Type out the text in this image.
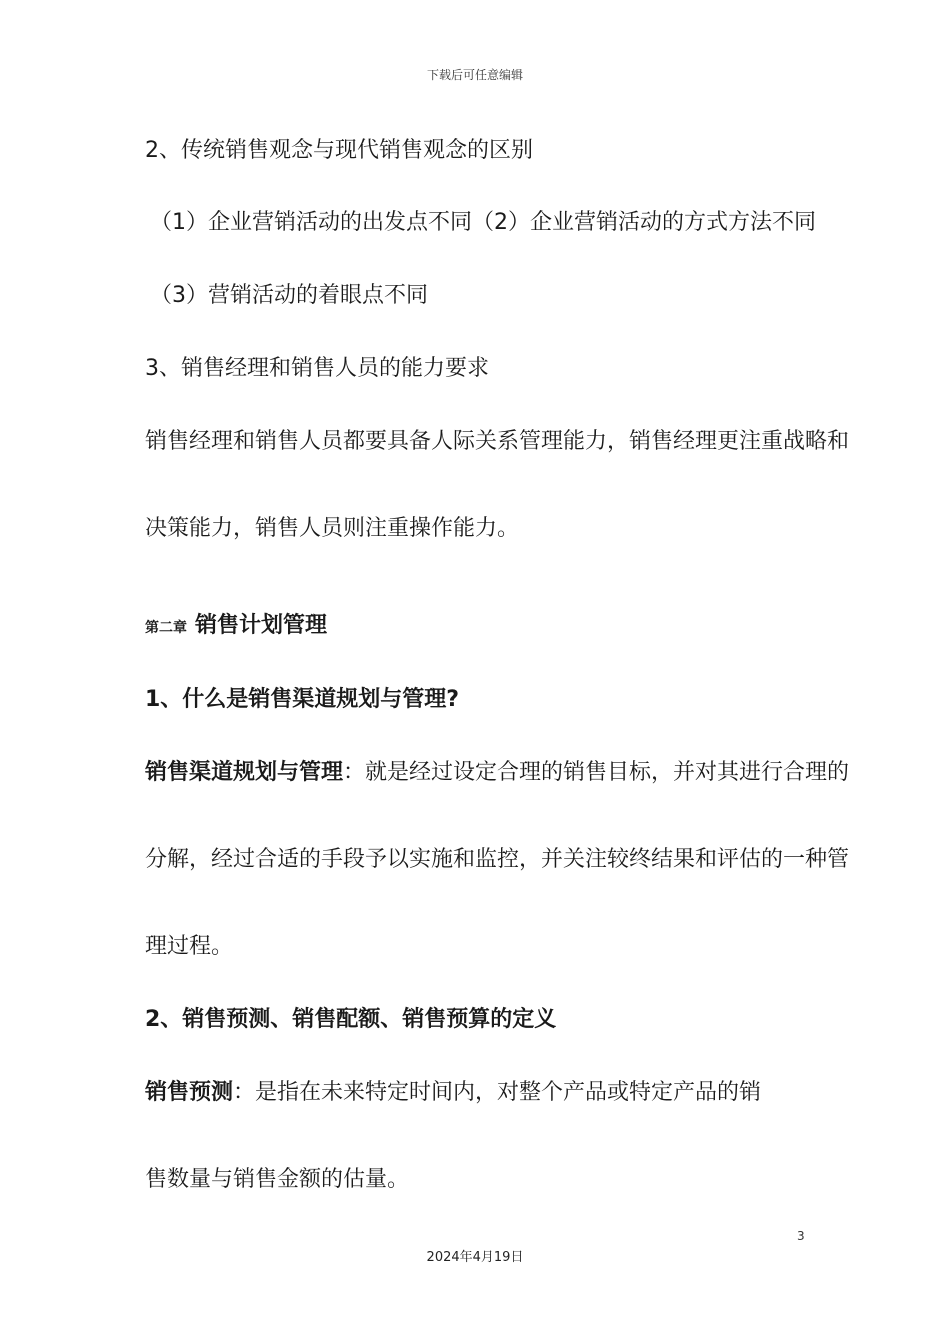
下载后可任意编辑
2、传统销售观念与现代销售观念的区别
（1）企业营销活动的出发点不同（2）企业营销活动的方式方法不同
（3）营销活动的着眼点不同
3、销售经理和销售人员的能力要求
销售经理和销售人员都要具备人际关系管理能力，销售经理更注重战略和
决策能力，销售人员则注重操作能力。
第二章 销售计划管理
1、什么是销售渠道规划与管理?
销售渠道规划与管理：就是经过设定合理的销售目标，并对其进行合理的
分解，经过合适的手段予以实施和监控，并关注较终结果和评估的一种管
理过程。
2、销售预测、销售配额、销售预算的定义
销售预测：是指在未来特定时间内，对整个产品或特定产品的销
售数量与销售金额的估量。
3
2024年4月19日
